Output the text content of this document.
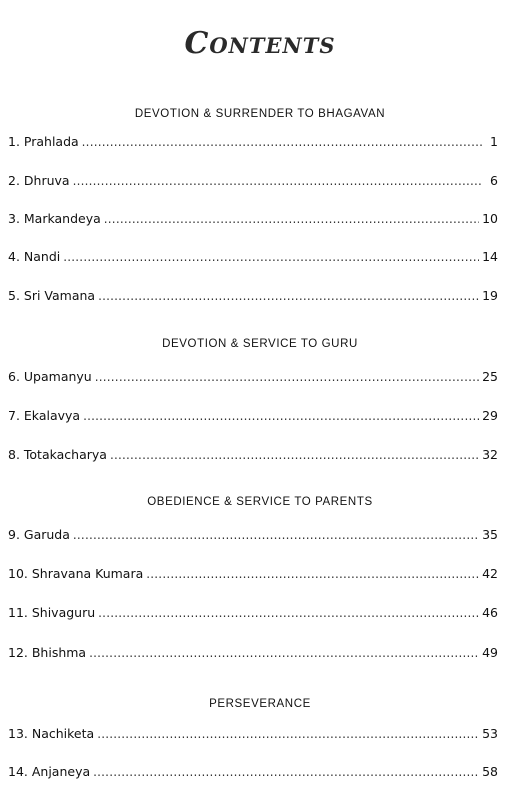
Contents
DEVOTION & SURRENDER TO BHAGAVAN
1. Prahlada .....	1
2. Dhruva .....	6
3. Markandeya .....	10
4. Nandi .....	14
5. Sri Vamana .....	19
DEVOTION & SERVICE TO GURU
6. Upamanyu .....	25
7. Ekalavya .....	29
8. Totakacharya .....	32
OBEDIENCE & SERVICE TO PARENTS
9. Garuda .....	35
10. Shravana Kumara .....	42
11. Shivaguru .....	46
12. Bhishma .....	49
PERSEVERANCE
13. Nachiketa .....	53
14. Anjaneya .....	58
